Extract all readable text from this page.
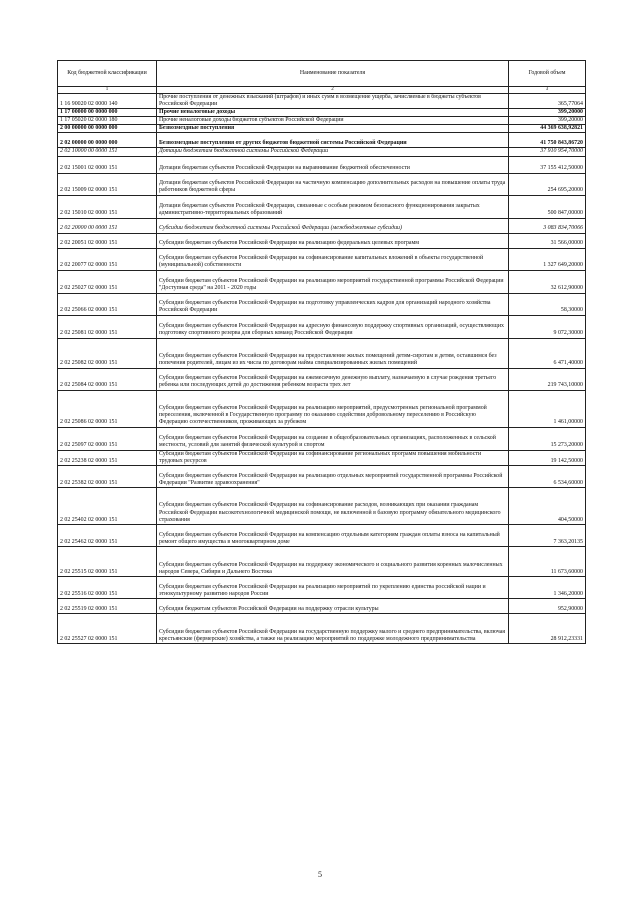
Код бюджетной классификации	Наименование показателя	Годовой объем
1	2	3
1 16 90020 02 0000 140	Прочие поступления от денежных взысканий (штрафов) и иных сумм в возмещение ущерба, зачисляемые в бюджеты субъектов Российской Федерации	365,77064
1 17 00000 00 0000 000	Прочие неналоговые доходы	399,20000
1 17 05020 02 0000 180	Прочие неналоговые доходы бюджетов субъектов Российской Федерации	399,20000
2 00 00000 00 0000 000	Безвозмездные поступления	44 369 638,92821
2 02 00000 00 0000 000	Безвозмездные поступления от других бюджетов бюджетной системы Российской Федерации	41 750 843,86720
2 02 10000 00 0000 151	Дотации бюджетам бюджетной системы Российской Федерации	37 910 954,70000
2 02 15001 02 0000 151	Дотации бюджетам субъектов Российской Федерации на выравнивание бюджетной обеспеченности	37 155 412,50000
2 02 15009 02 0000 151	Дотации бюджетам субъектов Российской Федерации на частичную компенсацию дополнительных расходов на повышение оплаты труда работников бюджетной сферы	254 695,20000
2 02 15010 02 0000 151	Дотации бюджетам субъектов Российской Федерации, связанные с особым режимом безопасного функционирования закрытых административно-территориальных образований	500 847,00000
2 02 20000 00 0000 151	Субсидии бюджетам бюджетной системы Российской Федерации (межбюджетные субсидии)	3 083 834,70066
2 02 20051 02 0000 151	Субсидии бюджетам субъектов Российской Федерации на реализацию федеральных целевых программ	31 566,00000
2 02 20077 02 0000 151	Субсидии бюджетам субъектов Российской Федерации на софинансирование капитальных вложений в объекты государственной (муниципальной) собственности	1 327 649,20000
2 02 25027 02 0000 151	Субсидии бюджетам субъектов Российской Федерации на реализацию мероприятий государственной программы Российской Федерации "Доступная среда" на 2011 - 2020 годы	32 612,90000
2 02 25066 02 0000 151	Субсидии бюджетам субъектов Российской Федерации на подготовку управленческих кадров для организаций народного хозяйства Российской Федерации	58,30000
2 02 25081 02 0000 151	Субсидии бюджетам субъектов Российской Федерации на адресную финансовую поддержку спортивных организаций, осуществляющих подготовку спортивного резерва для сборных команд Российской Федерации	9 072,30000
2 02 25082 02 0000 151	Субсидии бюджетам субъектов Российской Федерации на предоставление жилых помещений детям-сиротам и детям, оставшимся без попечения родителей, лицам из их числа по договорам найма специализированных жилых помещений	6 471,40000
2 02 25084 02 0000 151	Субсидии бюджетам субъектов Российской Федерации на ежемесячную денежную выплату, назначаемую в случае рождения третьего ребенка или последующих детей до достижения ребенком возраста трех лет	219 743,10000
2 02 25086 02 0000 151	Субсидии бюджетам субъектов Российской Федерации на реализацию мероприятий, предусмотренных региональной программой переселения, включенной в Государственную программу по оказанию содействия добровольному переселению в Российскую Федерацию соотечественников, проживающих за рубежом	1 461,00000
2 02 25097 02 0000 151	Субсидии бюджетам субъектов Российской Федерации на создание в общеобразовательных организациях, расположенных в сельской местности, условий для занятий физической культурой и спортом	15 273,20000
2 02 25238 02 0000 151	Субсидии бюджетам субъектов Российской Федерации на софинансирование региональных программ повышения мобильности трудовых ресурсов	19 142,50000
2 02 25382 02 0000 151	Субсидии бюджетам субъектов Российской Федерации на реализацию отдельных мероприятий государственной программы Российской Федерации "Развитие здравоохранения"	6 534,60000
2 02 25402 02 0000 151	Субсидии бюджетам субъектов Российской Федерации на софинансирование расходов, возникающих при оказании гражданам Российской Федерации высокотехнологичной медицинской помощи, не включенной в базовую программу обязательного медицинского страхования	404,50000
2 02 25462 02 0000 151	Субсидии бюджетам субъектов Российской Федерации на компенсацию отдельным категориям граждан оплаты взноса на капитальный ремонт общего имущества в многоквартирном доме	7 363,20135
2 02 25515 02 0000 151	Субсидии бюджетам субъектов Российской Федерации на поддержку экономического и социального развития коренных малочисленных народов Севера, Сибири и Дальнего Востока	11 673,60000
2 02 25516 02 0000 151	Субсидии бюджетам субъектов Российской Федерации на реализацию мероприятий по укреплению единства российской нации и этнокультурному развитию народов России	1 346,20000
2 02 25519 02 0000 151	Субсидия бюджетам субъектов Российской Федерации на поддержку отрасли культуры	952,90000
2 02 25527 02 0000 151	Субсидии бюджетам субъектов Российской Федерации на государственную поддержку малого и среднего предпринимательства, включая крестьянские (фермерские) хозяйства, а также на реализацию мероприятий по поддержке молодежного предпринимательства	28 912,23331
5
